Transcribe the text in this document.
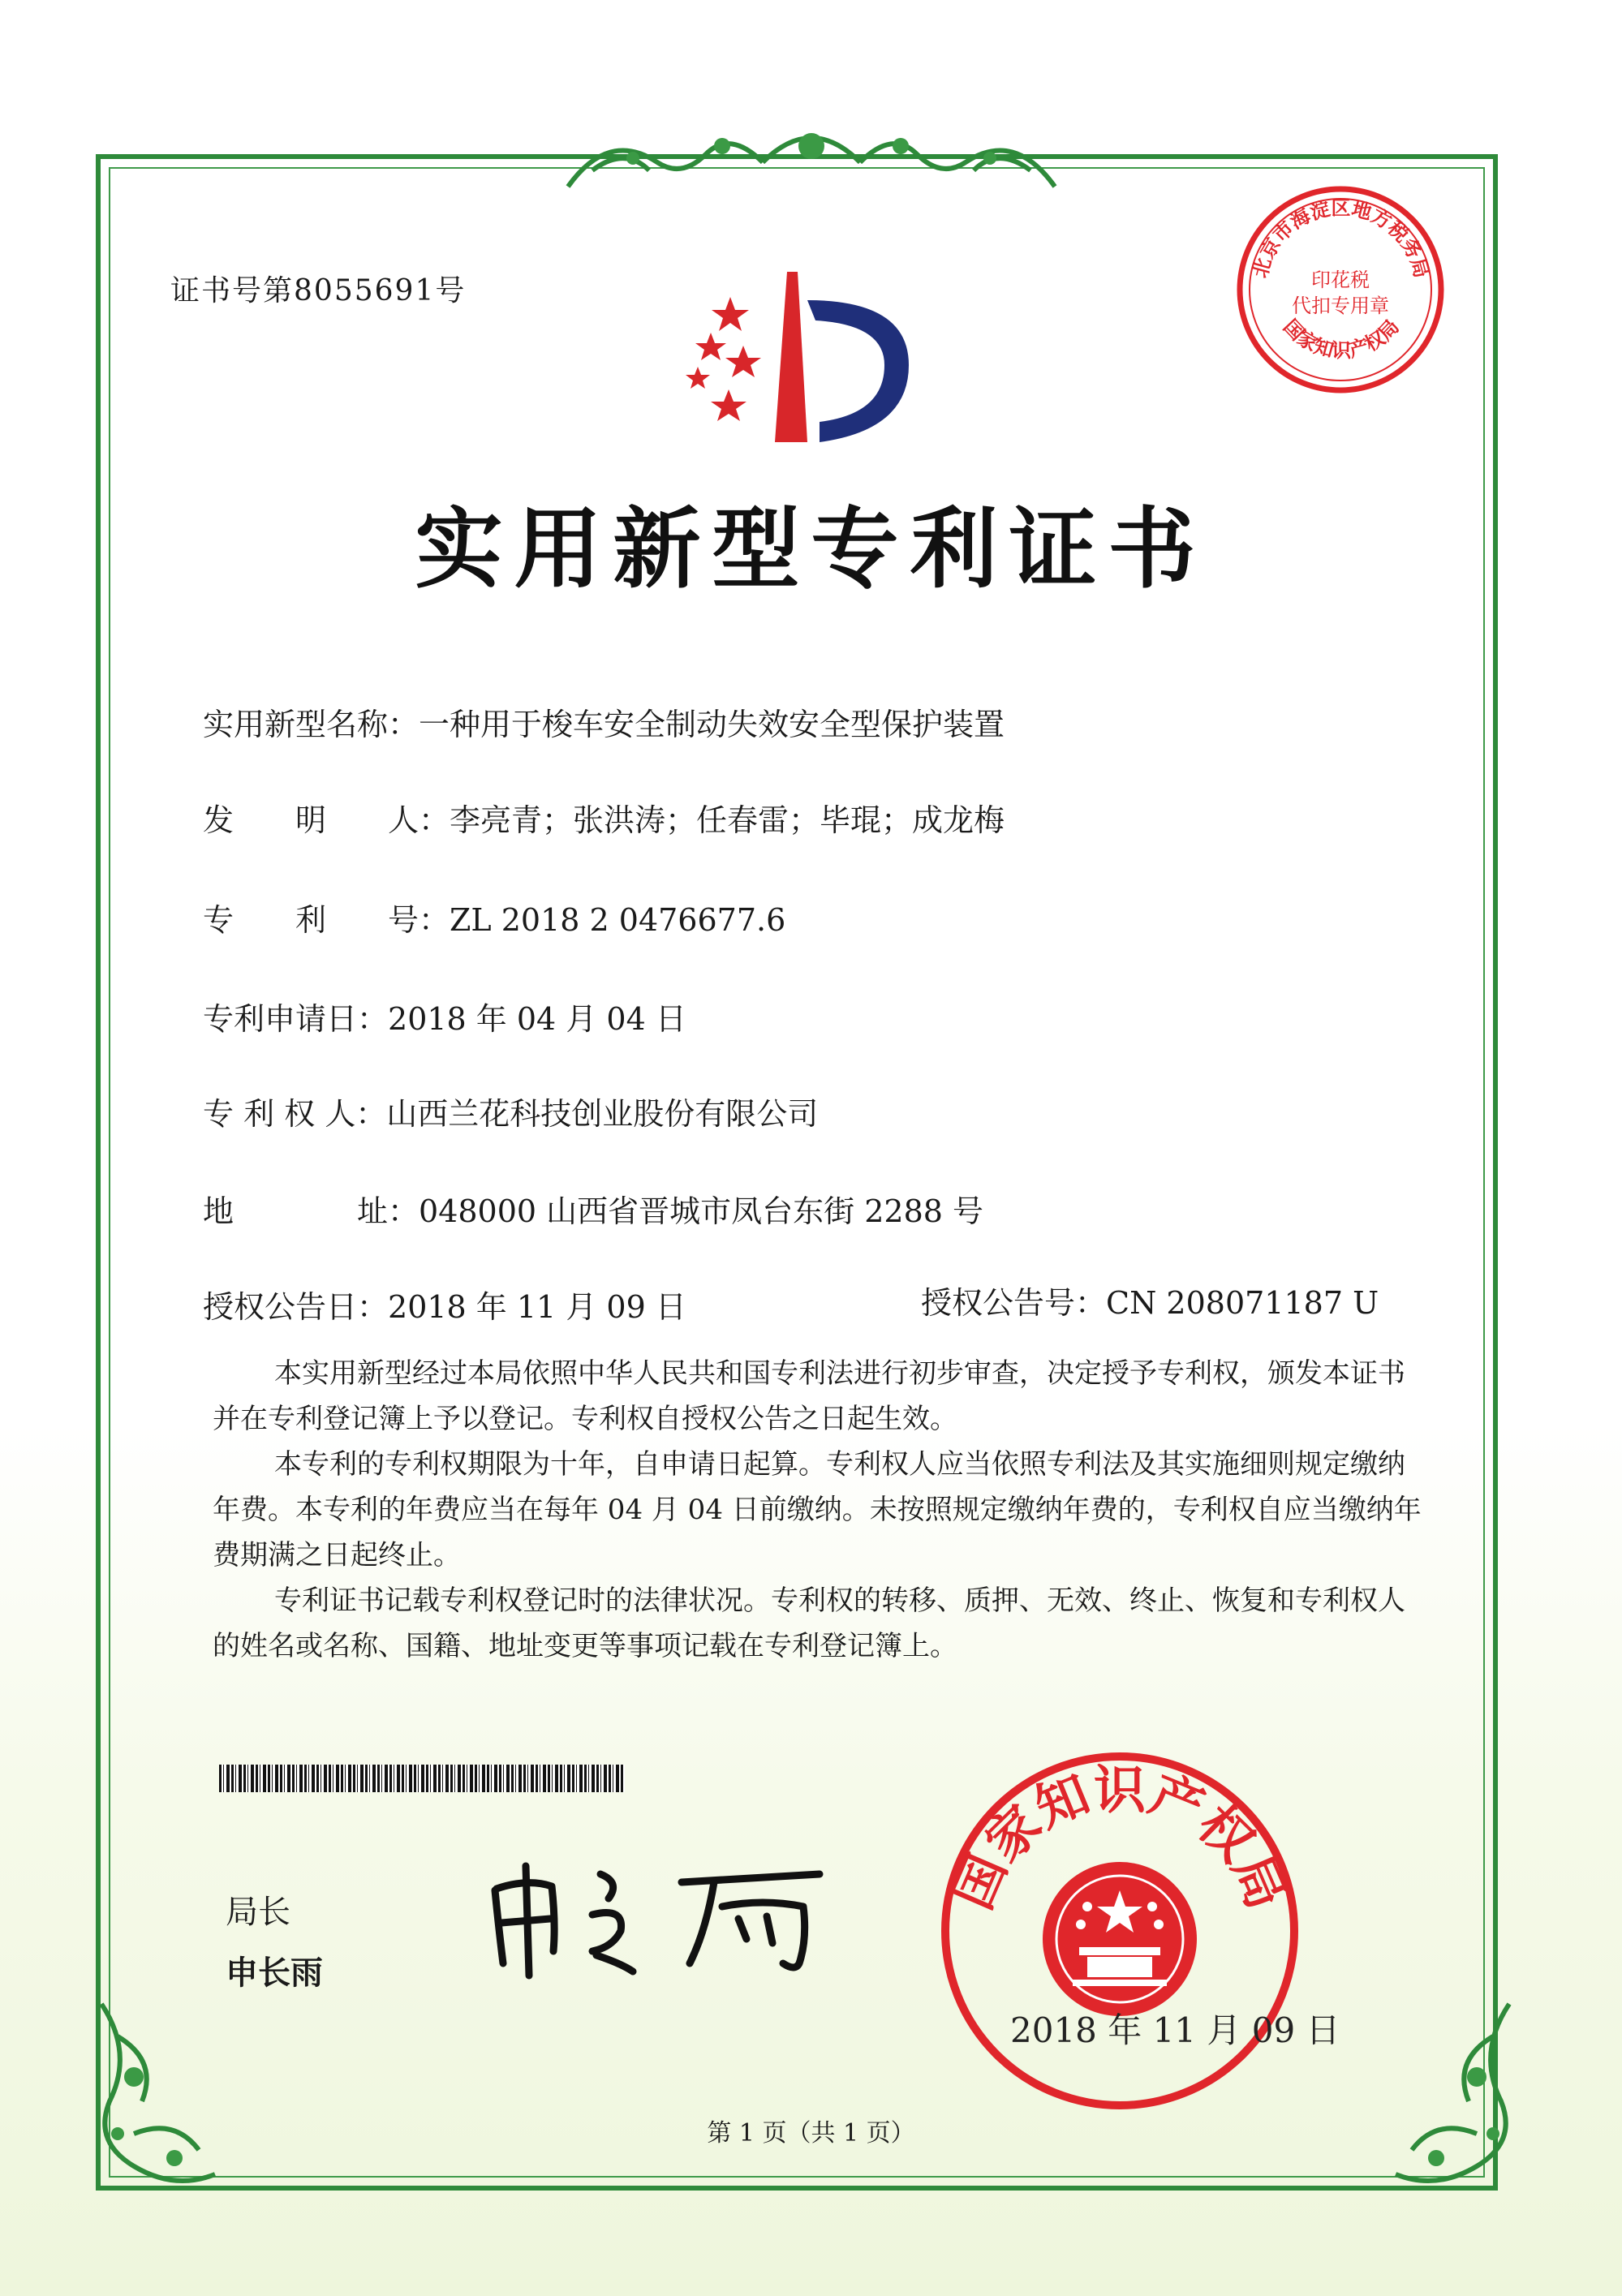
证书号第8055691号
北京市海淀区地方税务局
国家知识产权局
印花税
代扣专用章
实用新型专利证书
实用新型名称：一种用于梭车安全制动失效安全型保护装置
发　　明　　人：李亮青；张洪涛；任春雷；毕琨；成龙梅
专　　利　　号：ZL 2018 2 0476677.6
专利申请日：2018 年 04 月 04 日
专 利 权 人：山西兰花科技创业股份有限公司
地　　　　址：048000 山西省晋城市凤台东街 2288 号
授权公告日：2018 年 11 月 09 日	授权公告号：CN 208071187 U

本实用新型经过本局依照中华人民共和国专利法进行初步审查，决定授予专利权，颁发本证书并在专利登记簿上予以登记。专利权自授权公告之日起生效。

本专利的专利权期限为十年，自申请日起算。专利权人应当依照专利法及其实施细则规定缴纳年费。本专利的年费应当在每年 04 月 04 日前缴纳。未按照规定缴纳年费的，专利权自应当缴纳年费期满之日起终止。

专利证书记载专利权登记时的法律状况。专利权的转移、质押、无效、终止、恢复和专利权人的姓名或名称、国籍、地址变更等事项记载在专利登记簿上。

局长
申长雨
国家知识产权局
2018 年 11 月 09 日
第 1 页（共 1 页）
